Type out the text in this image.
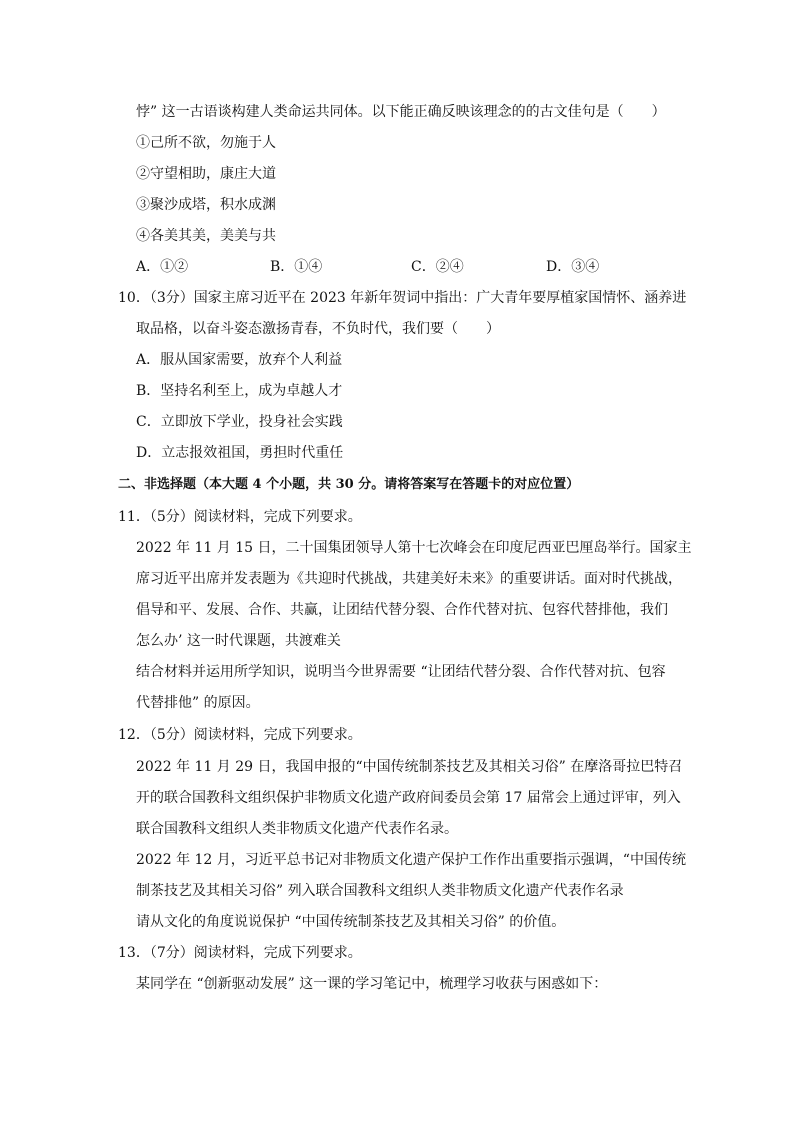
悖” 这一古语谈构建人类命运共同体。以下能正确反映该理念的的古文佳句是（　　）
①己所不欲，勿施于人
②守望相助，康庄大道
③聚沙成塔，积水成渊
④各美其美，美美与共
A．①②	B．①④	C．②④	D．③④
10．（3分）国家主席习近平在 2023 年新年贺词中指出：广大青年要厚植家国情怀、涵养进
取品格，以奋斗姿态激扬青春，不负时代，我们要（　　）
A．服从国家需要，放弃个人利益
B．坚持名利至上，成为卓越人才
C．立即放下学业，投身社会实践
D．立志报效祖国，勇担时代重任
二、非选择题（本大题 4 个小题，共 30 分。请将答案写在答题卡的对应位置）
11．（5分）阅读材料，完成下列要求。
2022 年 11 月 15 日，二十国集团领导人第十七次峰会在印度尼西亚巴厘岛举行。国家主
席习近平出席并发表题为《共迎时代挑战，共建美好未来》的重要讲话。面对时代挑战，
倡导和平、发展、合作、共赢，让团结代替分裂、合作代替对抗、包容代替排他，我们
怎么办’ 这一时代课题，共渡难关
结合材料并运用所学知识，说明当今世界需要 “让团结代替分裂、合作代替对抗、包容
代替排他” 的原因。
12．（5分）阅读材料，完成下列要求。
2022 年 11 月 29 日，我国申报的“中国传统制茶技艺及其相关习俗” 在摩洛哥拉巴特召
开的联合国教科文组织保护非物质文化遗产政府间委员会第 17 届常会上通过评审，列入
联合国教科文组织人类非物质文化遗产代表作名录。
2022 年 12 月，习近平总书记对非物质文化遗产保护工作作出重要指示强调，“中国传统
制茶技艺及其相关习俗” 列入联合国教科文组织人类非物质文化遗产代表作名录
请从文化的角度说说保护 “中国传统制茶技艺及其相关习俗” 的价值。
13．（7分）阅读材料，完成下列要求。
某同学在 “创新驱动发展” 这一课的学习笔记中，梳理学习收获与困惑如下：
